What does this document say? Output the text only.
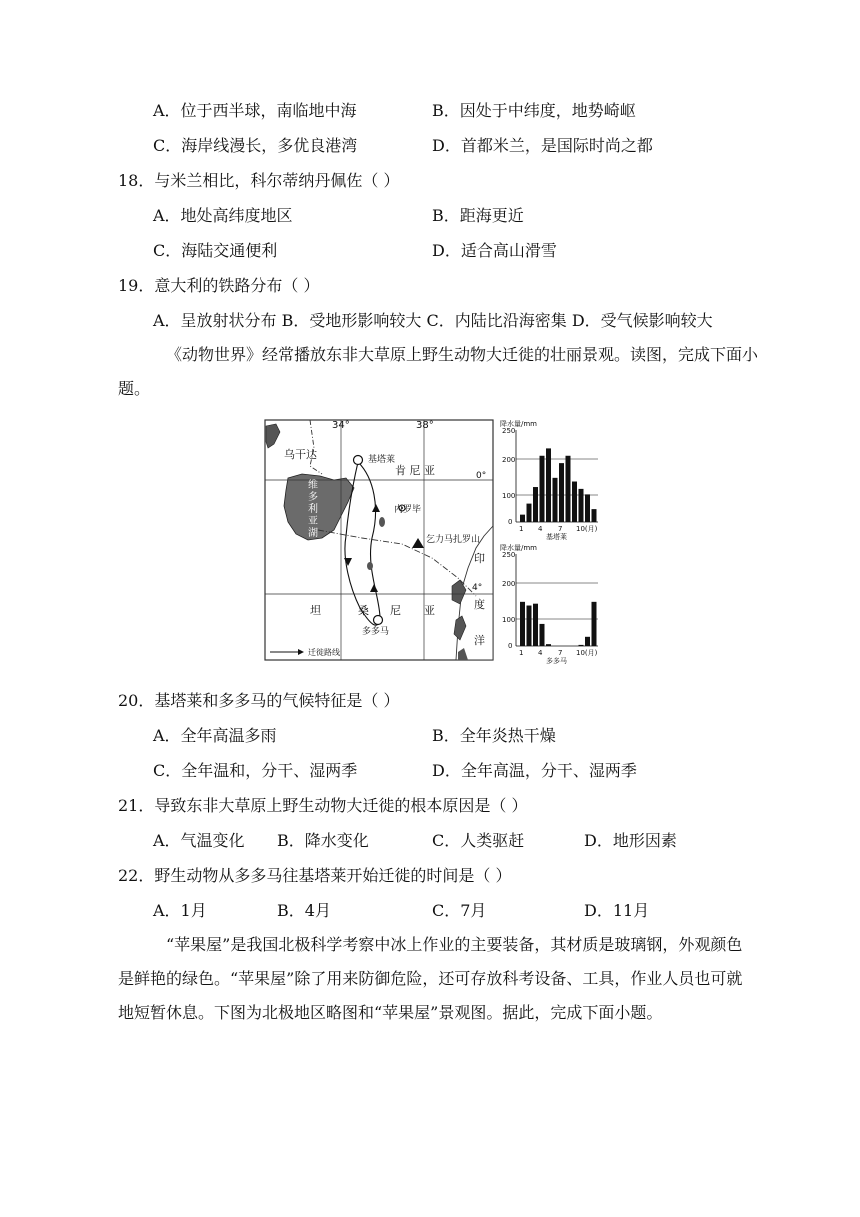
A．位于西半球，南临地中海	B．因处于中纬度，地势崎岖
C．海岸线漫长，多优良港湾	D．首都米兰，是国际时尚之都
18．与米兰相比，科尔蒂纳丹佩佐（ ）
A．地处高纬度地区	B．距海更近
C．海陆交通便利	D．适合高山滑雪
19．意大利的铁路分布（ ）
A．呈放射状分布 B．受地形影响较大 C．内陆比沿海密集 D．受气候影响较大
《动物世界》经常播放东非大草原上野生动物大迁徙的壮丽景观。读图，完成下面小题。
34°	38°
0°
4°
乌干达	基塔莱
肯 尼 亚
内罗毕
乞力马扎罗山
维
多
利
亚
湖
坦	桑 尼 亚
多多马
印
度
洋
迁徙路线
降水量/mm
250
200
100
0
1 4 7 10(月)
基塔莱
降水量/mm
250
200
100
0
1 4 7 10(月)
多多马
20．基塔莱和多多马的气候特征是（ ）
A．全年高温多雨	B．全年炎热干燥
C．全年温和，分干、湿两季	D．全年高温，分干、湿两季
21．导致东非大草原上野生动物大迁徙的根本原因是（ ）
A．气温变化 B．降水变化	C．人类驱赶	D．地形因素
22．野生动物从多多马往基塔莱开始迁徙的时间是（ ）
A．1月	B．4月	C．7月	D．11月
“苹果屋”是我国北极科学考察中冰上作业的主要装备，其材质是玻璃钢，外观颜色是鲜艳的绿色。“苹果屋”除了用来防御危险，还可存放科考设备、工具，作业人员也可就地短暂休息。下图为北极地区略图和“苹果屋”景观图。据此，完成下面小题。
